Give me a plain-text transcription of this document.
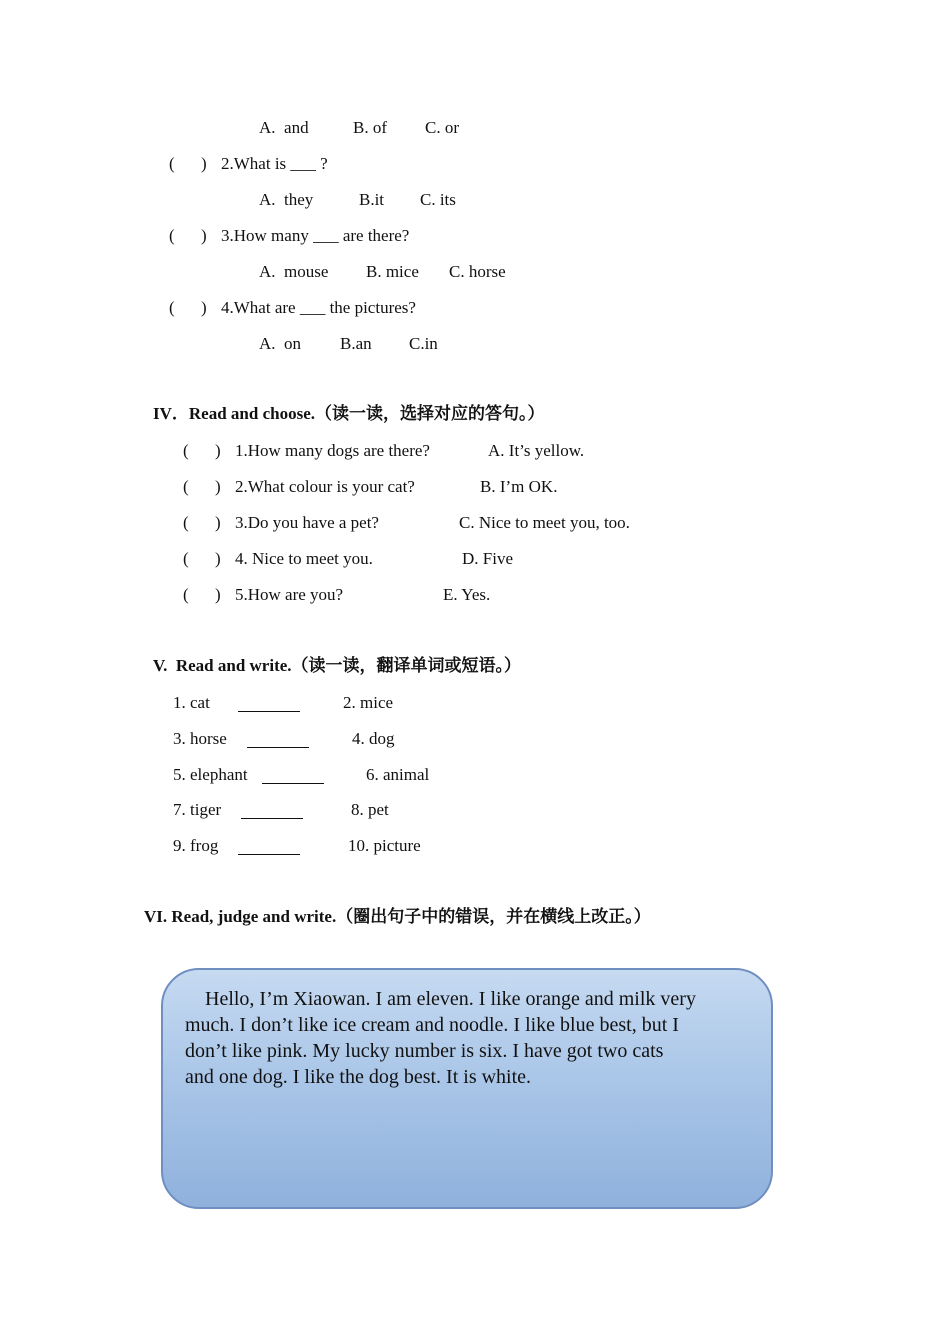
A.  and	B. of C. or
( ) 2.What is ___ ?
A.  they	B.it C. its
( ) 3.How many ___ are there?
A.  mouse B. mice C. horse
( ) 4.What are ___ the pictures?
A.  on B.an C.in
IV．Read and choose.（读一读，选择对应的答句。）
( ) 1.How many dogs are there?	A. It’s yellow.
( ) 2.What colour is your cat?	B. I’m OK.
( ) 3.Do you have a pet?	C. Nice to meet you, too.
( ) 4. Nice to meet you.	D. Five
( ) 5.How are you?	E. Yes.
V.  Read and write.（读一读，翻译单词或短语。）
1. cat	2. mice
3. horse	4. dog
5. elephant	6. animal
7. tiger	8. pet
9. frog	10. picture
VI. Read, judge and write.（圈出句子中的错误，并在横线上改正。）
Hello, I’m Xiaowan. I am eleven. I like orange and milk very
much. I don’t like ice cream and noodle. I like blue best, but I
don’t like pink. My lucky number is six. I have got two cats
and one dog. I like the dog best. It is white.
